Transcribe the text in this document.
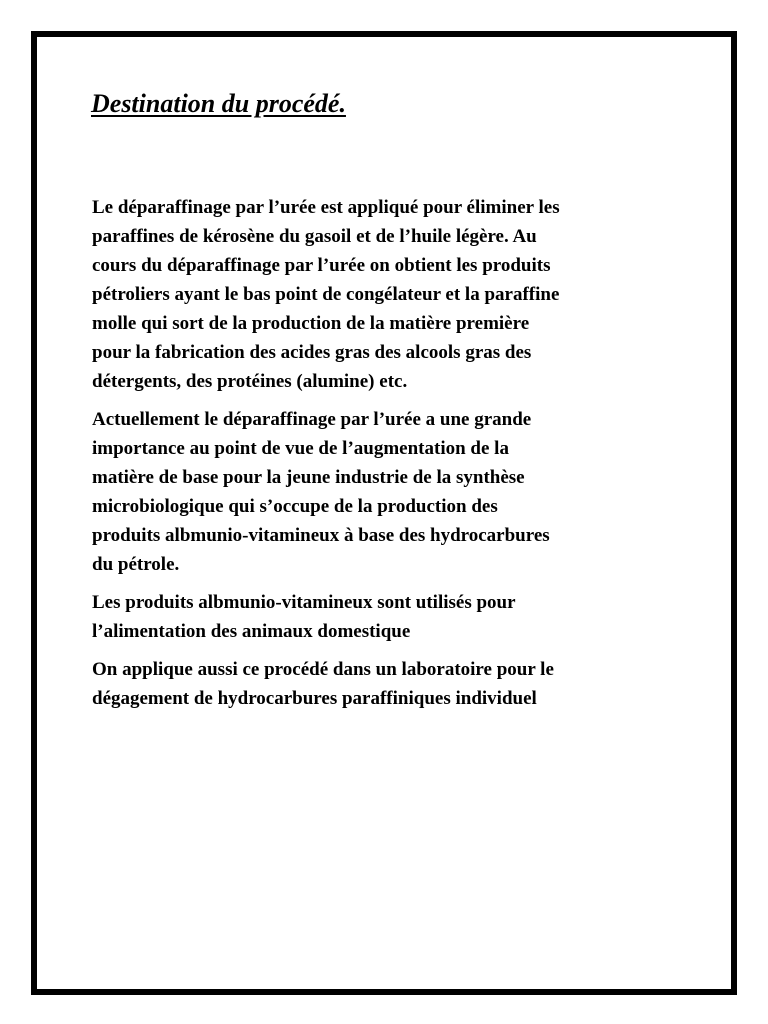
Destination du procédé.

Le déparaffinage par l’urée est appliqué pour éliminer les
paraffines de kérosène du gasoil et de l’huile légère. Au
cours du déparaffinage par l’urée on obtient les produits
pétroliers ayant le bas point de congélateur et la paraffine
molle qui sort de la production de la matière première
pour la fabrication des acides gras des alcools gras des
détergents, des protéines (alumine) etc.

Actuellement le déparaffinage par l’urée a une grande
importance au point de vue de l’augmentation de la
matière de base pour la jeune industrie de la synthèse
microbiologique qui s’occupe de la production des
produits albmunio-vitamineux à base des hydrocarbures
du pétrole.

Les produits albmunio-vitamineux sont utilisés pour
l’alimentation des animaux domestique

On applique aussi ce procédé dans un laboratoire pour le
dégagement de hydrocarbures paraffiniques individuel
